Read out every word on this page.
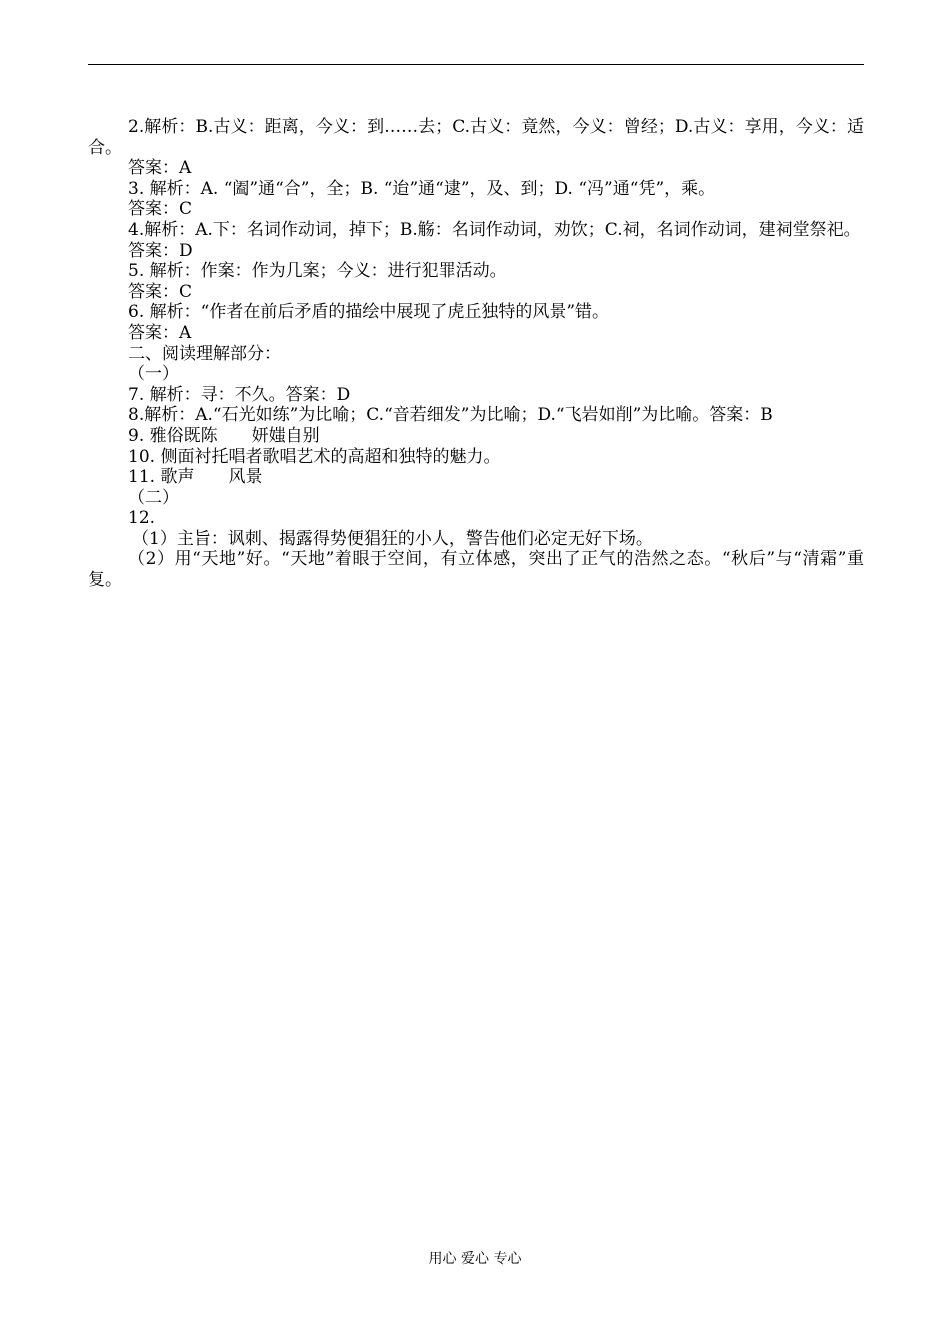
2.解析：B.古义：距离，今义：到……去；C.古义：竟然，今义：曾经；D.古义：享用，今义：适合。

答案：A

3. 解析：A. “阖”通“合”，全；B. “迨”通“逮”，及、到；D. “冯”通“凭”，乘。

答案：C

4.解析：A.下：名词作动词，掉下；B.觞：名词作动词，劝饮；C.祠，名词作动词，建祠堂祭祀。

答案：D

5. 解析：作案：作为几案；今义：进行犯罪活动。

答案：C

6. 解析：“作者在前后矛盾的描绘中展现了虎丘独特的风景”错。

答案：A

二、阅读理解部分：

（一）

7. 解析：寻：不久。答案：D

8.解析：A.“石光如练”为比喻；C.“音若细发”为比喻；D.“飞岩如削”为比喻。答案：B

9. 雅俗既陈　　妍媸自别

10. 侧面衬托唱者歌唱艺术的高超和独特的魅力。

11. 歌声　　风景

（二）

12.

（1）主旨：讽刺、揭露得势便猖狂的小人，警告他们必定无好下场。

（2）用“天地”好。“天地”着眼于空间，有立体感，突出了正气的浩然之态。“秋后”与“清霜”重复。

用心 爱心 专心
